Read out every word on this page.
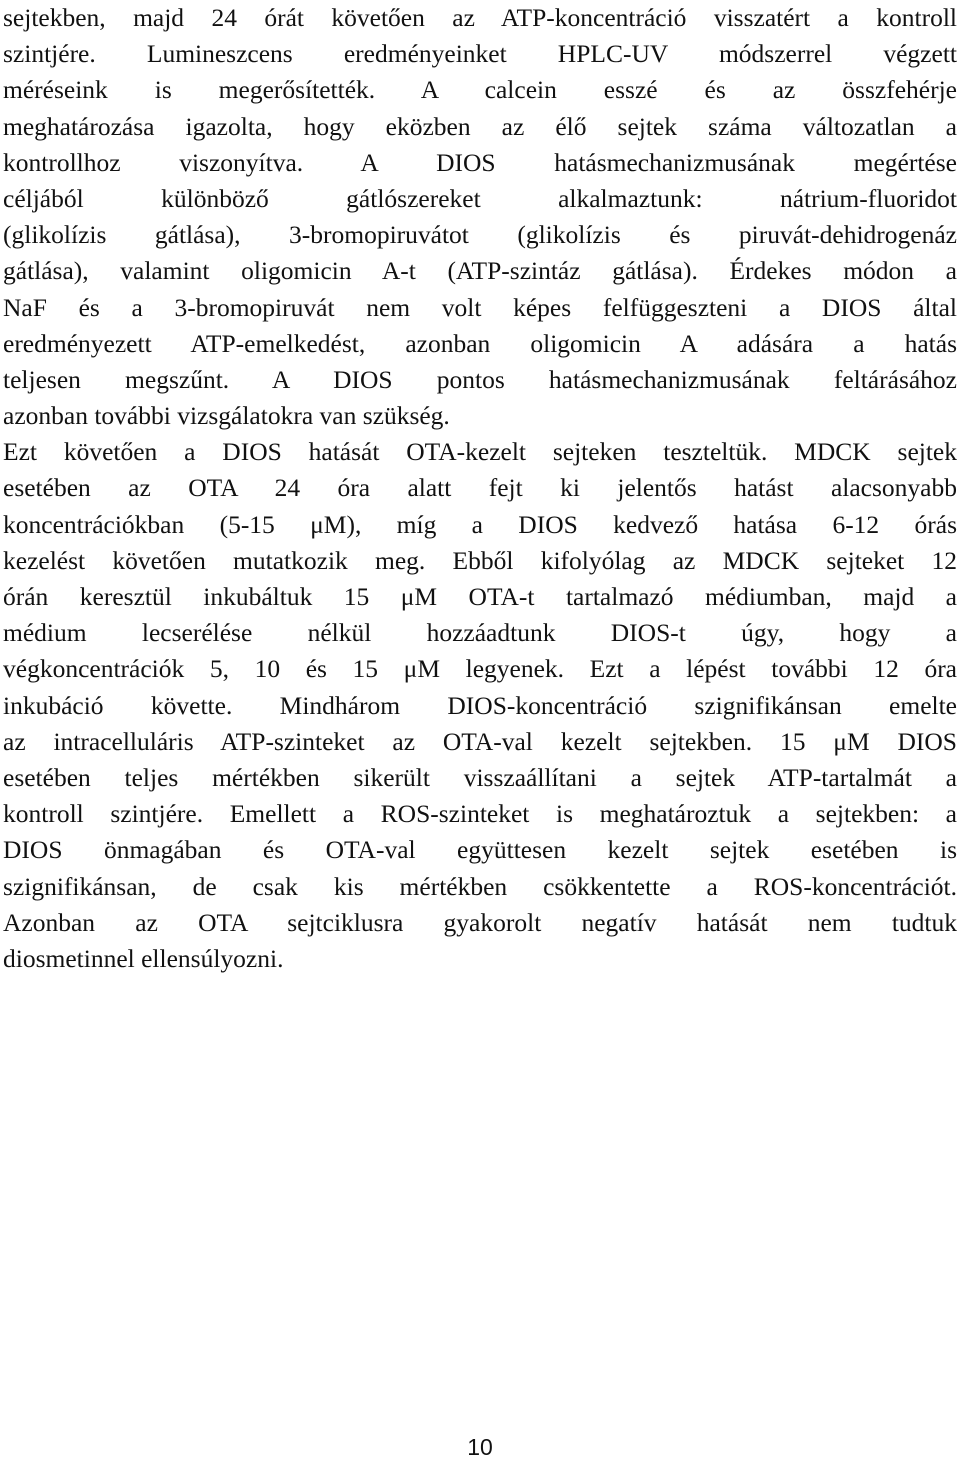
sejtekben, majd 24 órát követően az ATP-koncentráció visszatért a kontroll
szintjére. Lumineszcens eredményeinket HPLC-UV módszerrel végzett
méréseink is megerősítették. A calcein esszé és az összfehérje
meghatározása igazolta, hogy eközben az élő sejtek száma változatlan a
kontrollhoz viszonyítva. A DIOS hatásmechanizmusának megértése
céljából különböző gátlószereket alkalmaztunk: nátrium-fluoridot
(glikolízis gátlása), 3-bromopiruvátot (glikolízis és piruvát-dehidrogenáz
gátlása), valamint oligomicin A-t (ATP-szintáz gátlása). Érdekes módon a
NaF és a 3-bromopiruvát nem volt képes felfüggeszteni a DIOS által
eredményezett ATP-emelkedést, azonban oligomicin A adására a hatás
teljesen megszűnt. A DIOS pontos hatásmechanizmusának feltárásához
azonban további vizsgálatokra van szükség.
Ezt követően a DIOS hatását OTA-kezelt sejteken teszteltük. MDCK sejtek
esetében az OTA 24 óra alatt fejt ki jelentős hatást alacsonyabb
koncentrációkban (5-15 μM), míg a DIOS kedvező hatása 6-12 órás
kezelést követően mutatkozik meg. Ebből kifolyólag az MDCK sejteket 12
órán keresztül inkubáltuk 15 μM OTA-t tartalmazó médiumban, majd a
médium lecserélése nélkül hozzáadtunk DIOS-t úgy, hogy a
végkoncentrációk 5, 10 és 15 μM legyenek. Ezt a lépést további 12 óra
inkubáció követte. Mindhárom DIOS-koncentráció szignifikánsan emelte
az intracelluláris ATP-szinteket az OTA-val kezelt sejtekben. 15 μM DIOS
esetében teljes mértékben sikerült visszaállítani a sejtek ATP-tartalmát a
kontroll szintjére. Emellett a ROS-szinteket is meghatároztuk a sejtekben: a
DIOS önmagában és OTA-val együttesen kezelt sejtek esetében is
szignifikánsan, de csak kis mértékben csökkentette a ROS-koncentrációt.
Azonban az OTA sejtciklusra gyakorolt negatív hatását nem tudtuk
diosmetinnel ellensúlyozni.
10
